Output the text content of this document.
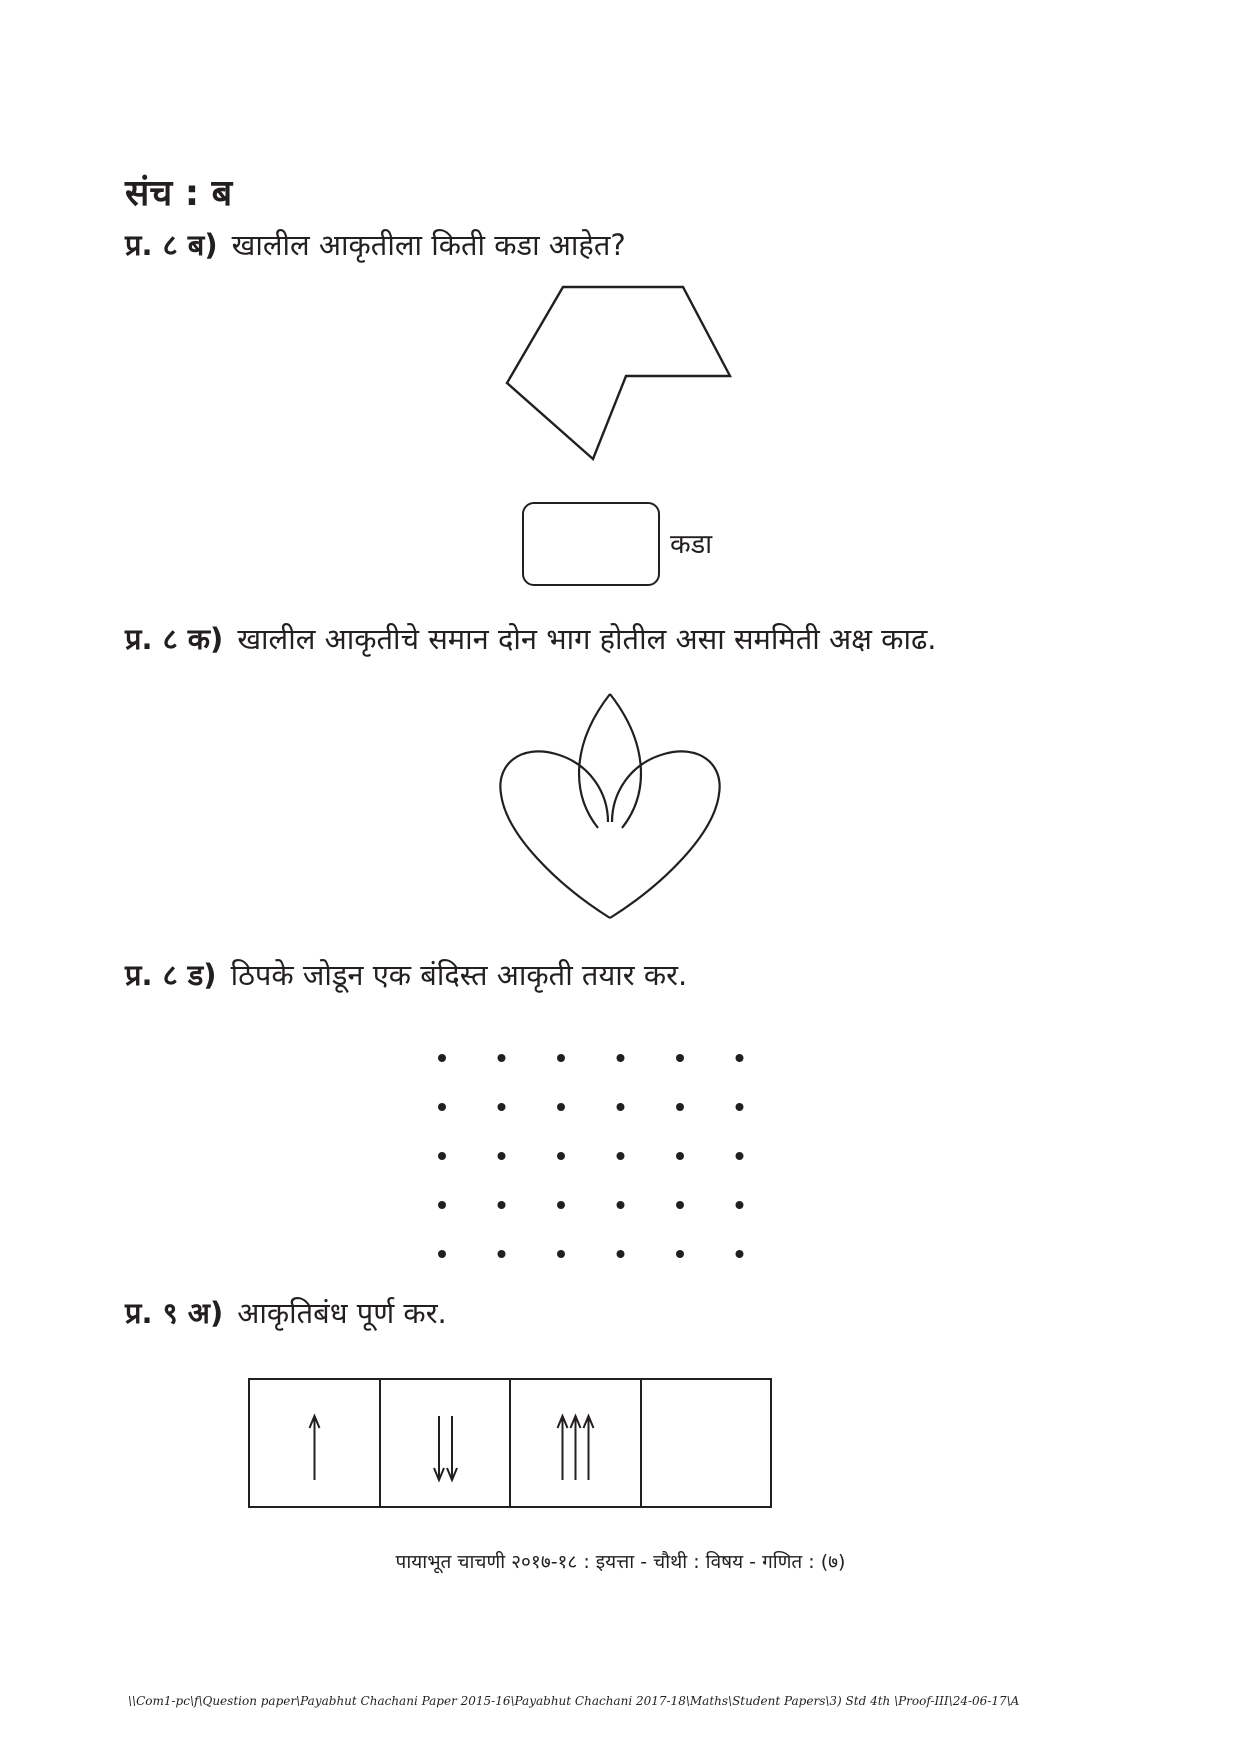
संच : ब
प्र. ८ ब) खालील आकृतीला किती कडा आहेत?
कडा
प्र. ८ क) खालील आकृतीचे समान दोन भाग होतील असा सममिती अक्ष काढ.
प्र. ८ ड) ठिपके जोडून एक बंदिस्त आकृती तयार कर.
प्र. ९ अ) आकृतिबंध पूर्ण कर.
पायाभूत चाचणी २०१७-१८ : इयत्ता - चौथी : विषय - गणित : (७)
\\Com1-pc\f\Question paper\Payabhut Chachani Paper 2015-16\Payabhut Chachani 2017-18\Maths\Student Papers\3) Std 4th \Proof-III\24-06-17\A
